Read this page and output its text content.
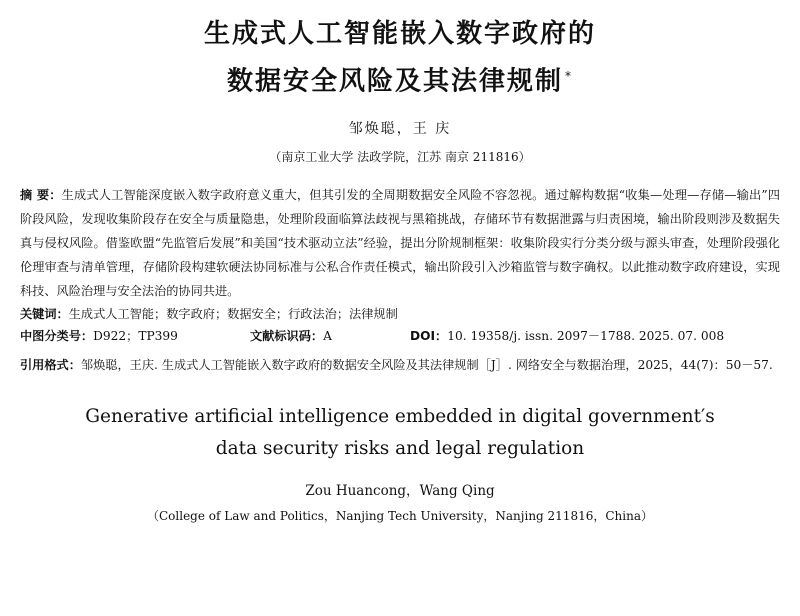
生成式人工智能嵌入数字政府的
数据安全风险及其法律规制 *
邹焕聪，王 庆
（南京工业大学 法政学院，江苏 南京 211816）
摘 要：生成式人工智能深度嵌入数字政府意义重大，但其引发的全周期数据安全风险不容忽视。通过解构数据“收集—处理—存储—输出”四阶段风险，发现收集阶段存在安全与质量隐患，处理阶段面临算法歧视与黑箱挑战，存储环节有数据泄露与归责困境，输出阶段则涉及数据失真与侵权风险。借鉴欧盟“先监管后发展”和美国“技术驱动立法”经验，提出分阶规制框架：收集阶段实行分类分级与源头审查，处理阶段强化伦理审查与清单管理，存储阶段构建软硬法协同标准与公私合作责任模式，输出阶段引入沙箱监管与数字确权。以此推动数字政府建设，实现科技、风险治理与安全法治的协同共进。
关键词： 生成式人工智能；数字政府；数据安全；行政法治；法律规制
中图分类号：D922；TP399	文献标识码：A	DOI：10. 19358/j. issn. 2097－1788. 2025. 07. 008
引用格式：邹焕聪，王庆. 生成式人工智能嵌入数字政府的数据安全风险及其法律规制［J］. 网络安全与数据治理，2025，44(7)：50－57.
Generative artificial intelligence embedded in digital government′s
data security risks and legal regulation
Zou Huancong，Wang Qing
（College of Law and Politics，Nanjing Tech University，Nanjing 211816，China）
